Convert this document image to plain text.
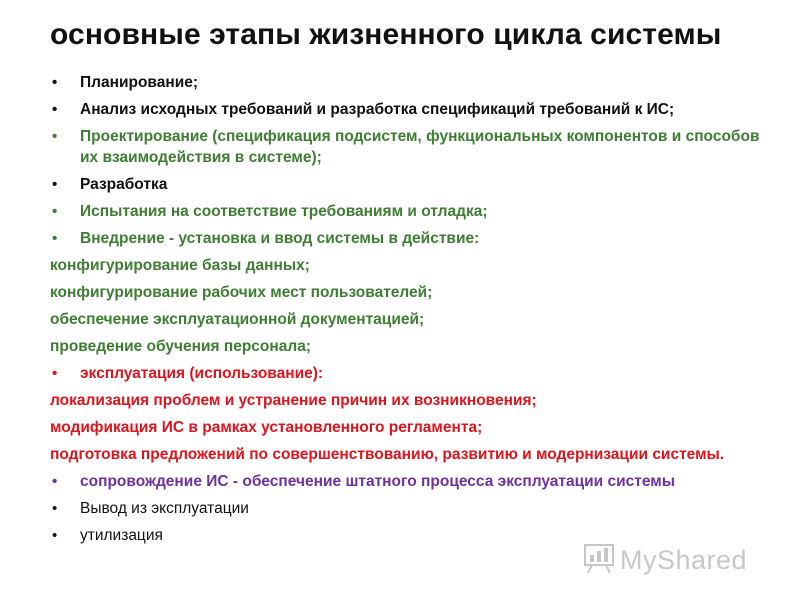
основные этапы жизненного цикла системы
• Планирование;
• Анализ исходных требований и разработка спецификаций требований к ИС;
• Проектирование (спецификация подсистем, функциональных компонентов и способов их взаимодействия в системе);
• Разработка
• Испытания на соответствие требованиям и отладка;
• Внедрение - установка и ввод системы в действие:
конфигурирование базы данных;
конфигурирование рабочих мест пользователей;
обеспечение эксплуатационной документацией;
проведение обучения персонала;
• эксплуатация (использование):
локализация проблем и устранение причин их возникновения;
модификация ИС в рамках установленного регламента;
подготовка предложений по совершенствованию, развитию и модернизации системы.
• сопровождение ИС - обеспечение штатного процесса эксплуатации системы
• Вывод из эксплуатации
• утилизация
MyShared
